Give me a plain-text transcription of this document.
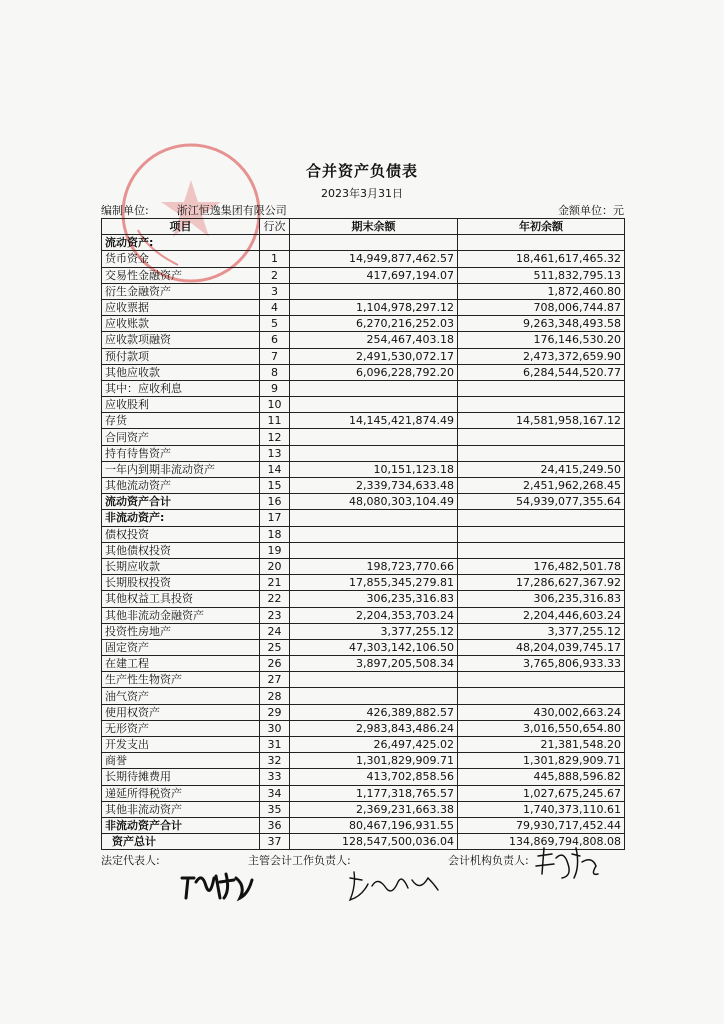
合并资产负债表
2023年3月31日
编制单位:	浙江恒逸集团有限公司	金额单位：元
项目	行次	期末余额	年初余额
流动资产:			
货币资金	1	14,949,877,462.57	18,461,617,465.32
交易性金融资产	2	417,697,194.07	511,832,795.13
衍生金融资产	3		1,872,460.80
应收票据	4	1,104,978,297.12	708,006,744.87
应收账款	5	6,270,216,252.03	9,263,348,493.58
应收款项融资	6	254,467,403.18	176,146,530.20
预付款项	7	2,491,530,072.17	2,473,372,659.90
其他应收款	8	6,096,228,792.20	6,284,544,520.77
其中：应收利息	9		
应收股利	10		
存货	11	14,145,421,874.49	14,581,958,167.12
合同资产	12		
持有待售资产	13		
一年内到期非流动资产	14	10,151,123.18	24,415,249.50
其他流动资产	15	2,339,734,633.48	2,451,962,268.45
流动资产合计	16	48,080,303,104.49	54,939,077,355.64
非流动资产:	17		
债权投资	18		
其他债权投资	19		
长期应收款	20	198,723,770.66	176,482,501.78
长期股权投资	21	17,855,345,279.81	17,286,627,367.92
其他权益工具投资	22	306,235,316.83	306,235,316.83
其他非流动金融资产	23	2,204,353,703.24	2,204,446,603.24
投资性房地产	24	3,377,255.12	3,377,255.12
固定资产	25	47,303,142,106.50	48,204,039,745.17
在建工程	26	3,897,205,508.34	3,765,806,933.33
生产性生物资产	27		
油气资产	28		
使用权资产	29	426,389,882.57	430,002,663.24
无形资产	30	2,983,843,486.24	3,016,550,654.80
开发支出	31	26,497,425.02	21,381,548.20
商誉	32	1,301,829,909.71	1,301,829,909.71
长期待摊费用	33	413,702,858.56	445,888,596.82
递延所得税资产	34	1,177,318,765.57	1,027,675,245.67
其他非流动资产	35	2,369,231,663.38	1,740,373,110.61
非流动资产合计	36	80,467,196,931.55	79,930,717,452.44
资产总计	37	128,547,500,036.04	134,869,794,808.08
法定代表人:	主管会计工作负责人:	会计机构负责人:
